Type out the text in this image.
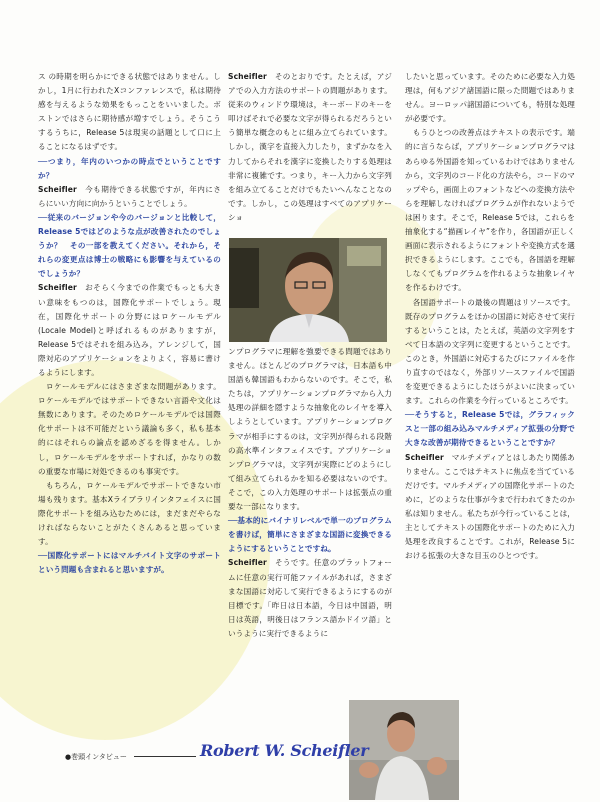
ス の時期を明らかにできる状態ではありません。しかし，1月に行われたXコンファレンスで，私は期待感を与えるような効果をもっことをいいました。ボストンではさらに期待感が増すでしょう。そうこうするうちに，Release 5は現実の話題として口に上ることになるはずです。

──つまり，年内のいつかの時点でということですか？

Scheifler　 今も期待できる状態ですが，年内にさらにいい方向に向かうということでしょう。

──従来のバージョンや今のバージョンと比較して，Release 5ではどのような点が改善されたのでしょうか？　その一部を教えてください。それから，それらの変更点は博士の戦略にも影響を与えているのでしょうか？

Scheifler　 おそらく今までの作業でもっとも大きい意味をもつのは，国際化サポートでしょう。現在，国際化サポートの分野にはロケールモデル(Locale Model)と呼ばれるものがありますが，Release 5ではそれを組み込み，アレンジして，国際対応のアプリケーションをよりよく，容易に書けるようにします。

　ロケールモデルにはさまざまな問題があります。ロケールモデルではサポートできない言語や文化は無数にあります。そのためロケールモデルでは国際化サポートは不可能だという議論も多く，私も基本的にはそれらの論点を認めざるを得ません。しかし，ロケールモデルをサポートすれば，かなりの数の重要な市場に対処できるのも事実です。

　もちろん，ロケールモデルでサポートできない市場も残ります。基本Xライブラリインタフェイスに国際化サポートを組み込むためには，まだまだやらなければならないことがたくさんあると思っています。

──国際化サポートにはマルチバイト文字のサポートという問題も含まれると思いますが。

Scheifler　 そのとおりです。たとえば，アジアでの入力方法のサポートの問題があります。従来のウィンドウ環境は，キーボードのキーを叩けばそれで必要な文字が得られるだろうという簡単な概念のもとに組み立てられています。しかし，漢字を直接入力したり，まずかなを入力してからそれを漢字に変換したりする処理は非常に複雑です。つまり，キー入力から文字列を組み立てることだけでもたいへんなことなのです。しかし，この処理はすべてのアプリケーショ

ンプログラマに理解を強要できる問題ではありません。ほとんどのプログラマは，日本語も中国語も韓国語もわからないのです。そこで，私たちは，アプリケーションプログラマから入力処理の詳細を隠すような抽象化のレイヤを導入しようとしています。アプリケーションプログラマが相手にするのは，文字列が得られる段階の高水準インタフェイスです。アプリケーションプログラマは，文字列が実際にどのようにして組み立てられるかを知る必要はないのです。そこで，この入力処理のサポートは拡張点の重要な一部になります。

──基本的にバイナリレベルで単一のプログラムを書けば，簡単にさまざまな国語に変換できるようにするということですね。

Scheifler　 そうです。任意のプラットフォームに任意の実行可能ファイルがあれば，さまざまな国語に対応して実行できるようにするのが目標です。「昨日は日本語，今日は中国語，明日は英語，明後日はフランス語かドイツ語」というように実行できるように

したいと思っています。そのために必要な入力処理は，何もアジア諸国語に限った問題ではありません。ヨーロッパ諸国語についても，特別な処理が必要です。

　もうひとつの改善点はテキストの表示です。端的に言うならば，アプリケーションプログラマはあらゆる外国語を知っているわけではありませんから，文字列のコード化の方法やら，コードのマップやら，画面上のフォントなどへの変換方法やらを理解しなければプログラムが作れないようでは困ります。そこで，Release 5では，これらを抽象化する“描画レイヤ”を作り，各国語が正しく画面に表示されるようにフォントや変換方式を選択できるようにします。ここでも，各国語を理解しなくてもプログラムを作れるような抽象レイヤを作るわけです。

　各国語サポートの最後の問題はリソースです。既存のプログラムをほかの国語に対応させて実行するということは，たとえば，英語の文字列をすべて日本語の文字列に変更するということです。このとき，外国語に対応するたびにファイルを作り直すのではなく，外部リソースファイルで国語を変更できるようにしたほうがよいに決まっています。これらの作業を今行っているところです。

──そうすると，Release 5では，グラフィックスと一部の組み込みマルチメディア拡張の分野で大きな改善が期待できるということですか？

Scheifler　 マルチメディアとはしあたり関係ありません。ここではテキストに焦点を当てているだけです。マルチメディアの国際化サポートのために，どのような仕事が今まで行われてきたのか私は知りません。私たちが今行っていることは，主としてテキストの国際化サポートのために入力処理を改良することです。これが，Release 5における拡張の大きな目玉のひとつです。

●巻頭インタビュー	Robert W. Scheifler
